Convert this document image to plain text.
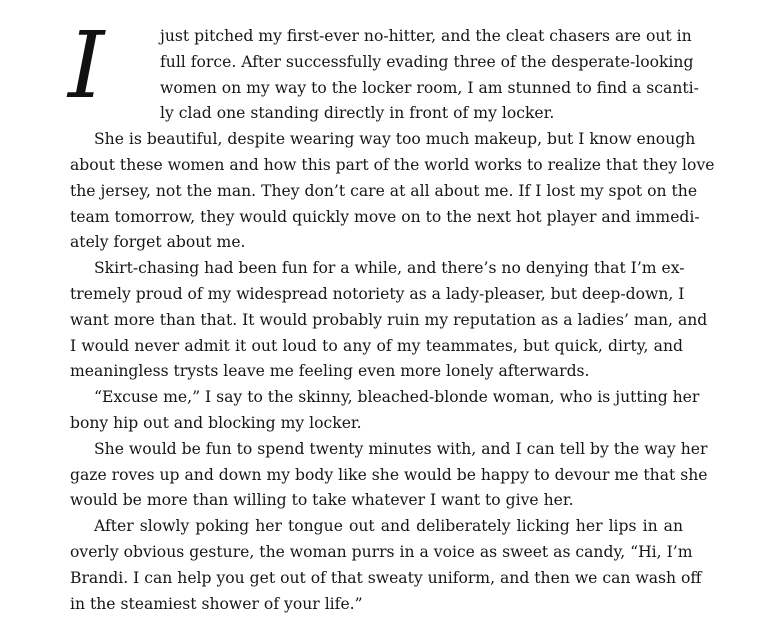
I	just pitched my first-ever no-hitter, and the cleat chasers are out in
full force. After successfully evading three of the desperate-looking
women on my way to the locker room, I am stunned to find a scanti-
ly clad one standing directly in front of my locker.

She is beautiful, despite wearing way too much makeup, but I know enough
about these women and how this part of the world works to realize that they love
the jersey, not the man. They don’t care at all about me. If I lost my spot on the
team tomorrow, they would quickly move on to the next hot player and immedi-
ately forget about me.

Skirt-chasing had been fun for a while, and there’s no denying that I’m ex-
tremely proud of my widespread notoriety as a lady-pleaser, but deep-down, I
want more than that. It would probably ruin my reputation as a ladies’ man, and
I would never admit it out loud to any of my teammates, but quick, dirty, and
meaningless trysts leave me feeling even more lonely afterwards.

“Excuse me,” I say to the skinny, bleached-blonde woman, who is jutting her
bony hip out and blocking my locker.

She would be fun to spend twenty minutes with, and I can tell by the way her
gaze roves up and down my body like she would be happy to devour me that she
would be more than willing to take whatever I want to give her.

After slowly poking her tongue out and deliberately licking her lips in an
overly obvious gesture, the woman purrs in a voice as sweet as candy, “Hi, I’m
Brandi. I can help you get out of that sweaty uniform, and then we can wash off
in the steamiest shower of your life.”
